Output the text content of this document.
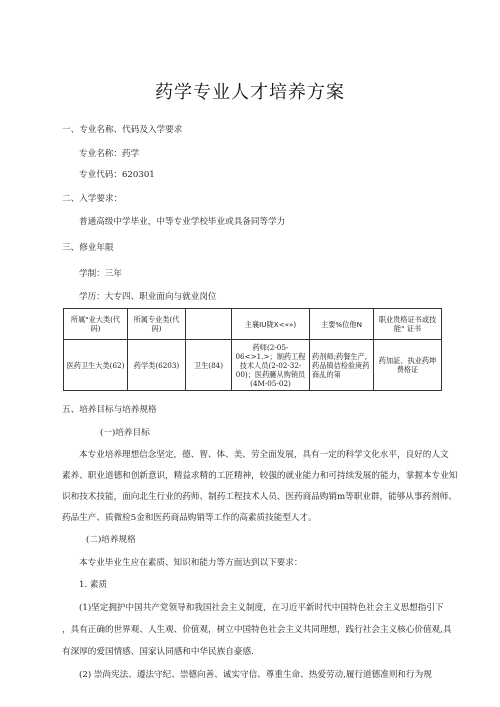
药学专业人才培养方案
一、专业名称、代码及入学要求
专业名称：药学
专业代码：620301
二、入学要求：
普通高级中学毕业，中等专业学校毕业或具备同等学力
三、修业年限
学制：三年
学历：大专四、职业面向与就业岗位
所属"业大类(代码)	所属专业类(代码)		主襄IU陇X<«»)	主要%位他N	职业贵格证书或技能" 证书
医药卫生大类(62)	药学类(6203)	卫生(84)	药师(2-05-06<>1.>；制药工程技术人员(2-02-32-00)；医药臃从购销员(4M-05-02)	药剂师;药餐生产,药品镇佶检验庚药商乩的第	药加証、执业药坤费格证
五、培养目标与培养规格
(一)培养目标
本专业培养理想信念坚定，德、智、体、美、劳全面发展，具有一定的科学文化水平，良好的人文
素养、职业道德和创新意识，精益求精的工匠精神，较强的就业能力和可持续发展的能力，掌握本专业知
识和技术技能，面向北生行业的药师、制药工程技术人员、医药商品购销m等职业群，能够从事药剂师、
药品生产、质微检5金和医药商品购销等工作的高素质技能型人才。
(二)培养规格
本专业毕业生应在素质、知识和能力等方面达到以下要求：
1. 素质
(1)坚定拥护中国共产党领导和我国社会主义制度，在习近平新时代中国特色社会主义思想指引下
，具有正确的世界观、人生观、价值观，树立中国特色社会主义共同理想，践行社会主义核心价值观,具
有深厚的爱国情感、国家认同感和中华民族自豪感.
(2) 崇尚宪法、遵法守纪、崇德向善、诚实守信、尊重生命、热爱劳动,履行道德准则和行为规
